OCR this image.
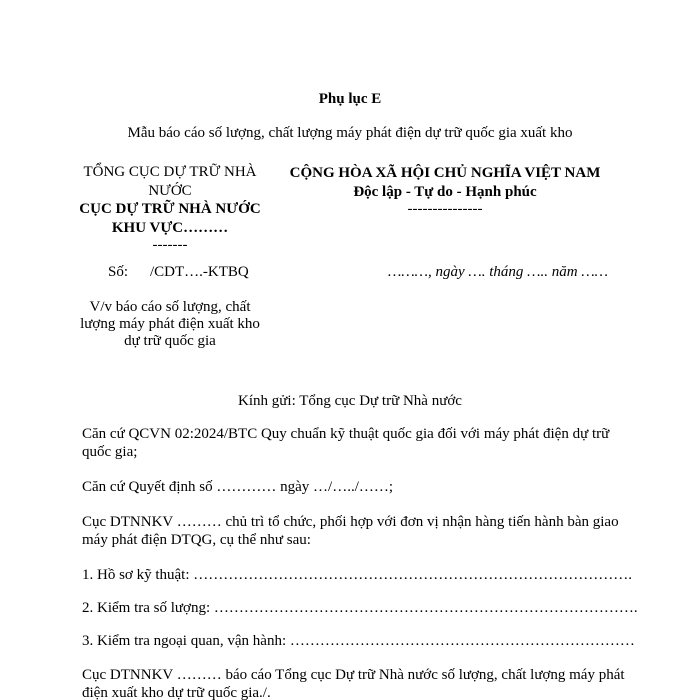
Phụ lục E
Mẫu báo cáo số lượng, chất lượng máy phát điện dự trữ quốc gia xuất kho
TỔNG CỤC DỰ TRỮ NHÀ
NƯỚC
CỤC DỰ TRỮ NHÀ NƯỚC
KHU VỰC………
-------
Số: /CDT….-KTBQ
V/v báo cáo số lượng, chất
lượng máy phát điện xuất kho
dự trữ quốc gia
CỘNG HÒA XÃ HỘI CHỦ NGHĨA VIỆT NAM
Độc lập - Tự do - Hạnh phúc
---------------
………, ngày …. tháng ….. năm ……
Kính gửi: Tổng cục Dự trữ Nhà nước
Căn cứ QCVN 02:2024/BTC Quy chuẩn kỹ thuật quốc gia đối với máy phát điện dự trữ
quốc gia;
Căn cứ Quyết định số ………… ngày …/…../……;
Cục DTNNKV ……… chủ trì tổ chức, phối hợp với đơn vị nhận hàng tiến hành bàn giao
máy phát điện DTQG, cụ thể như sau:
1. Hồ sơ kỹ thuật: …………………………………………………………………………….
2. Kiểm tra số lượng: ………………………………………………………………………….
3. Kiểm tra ngoại quan, vận hành: ……………………………………………………………
Cục DTNNKV ……… báo cáo Tổng cục Dự trữ Nhà nước số lượng, chất lượng máy phát
điện xuất kho dự trữ quốc gia./.
